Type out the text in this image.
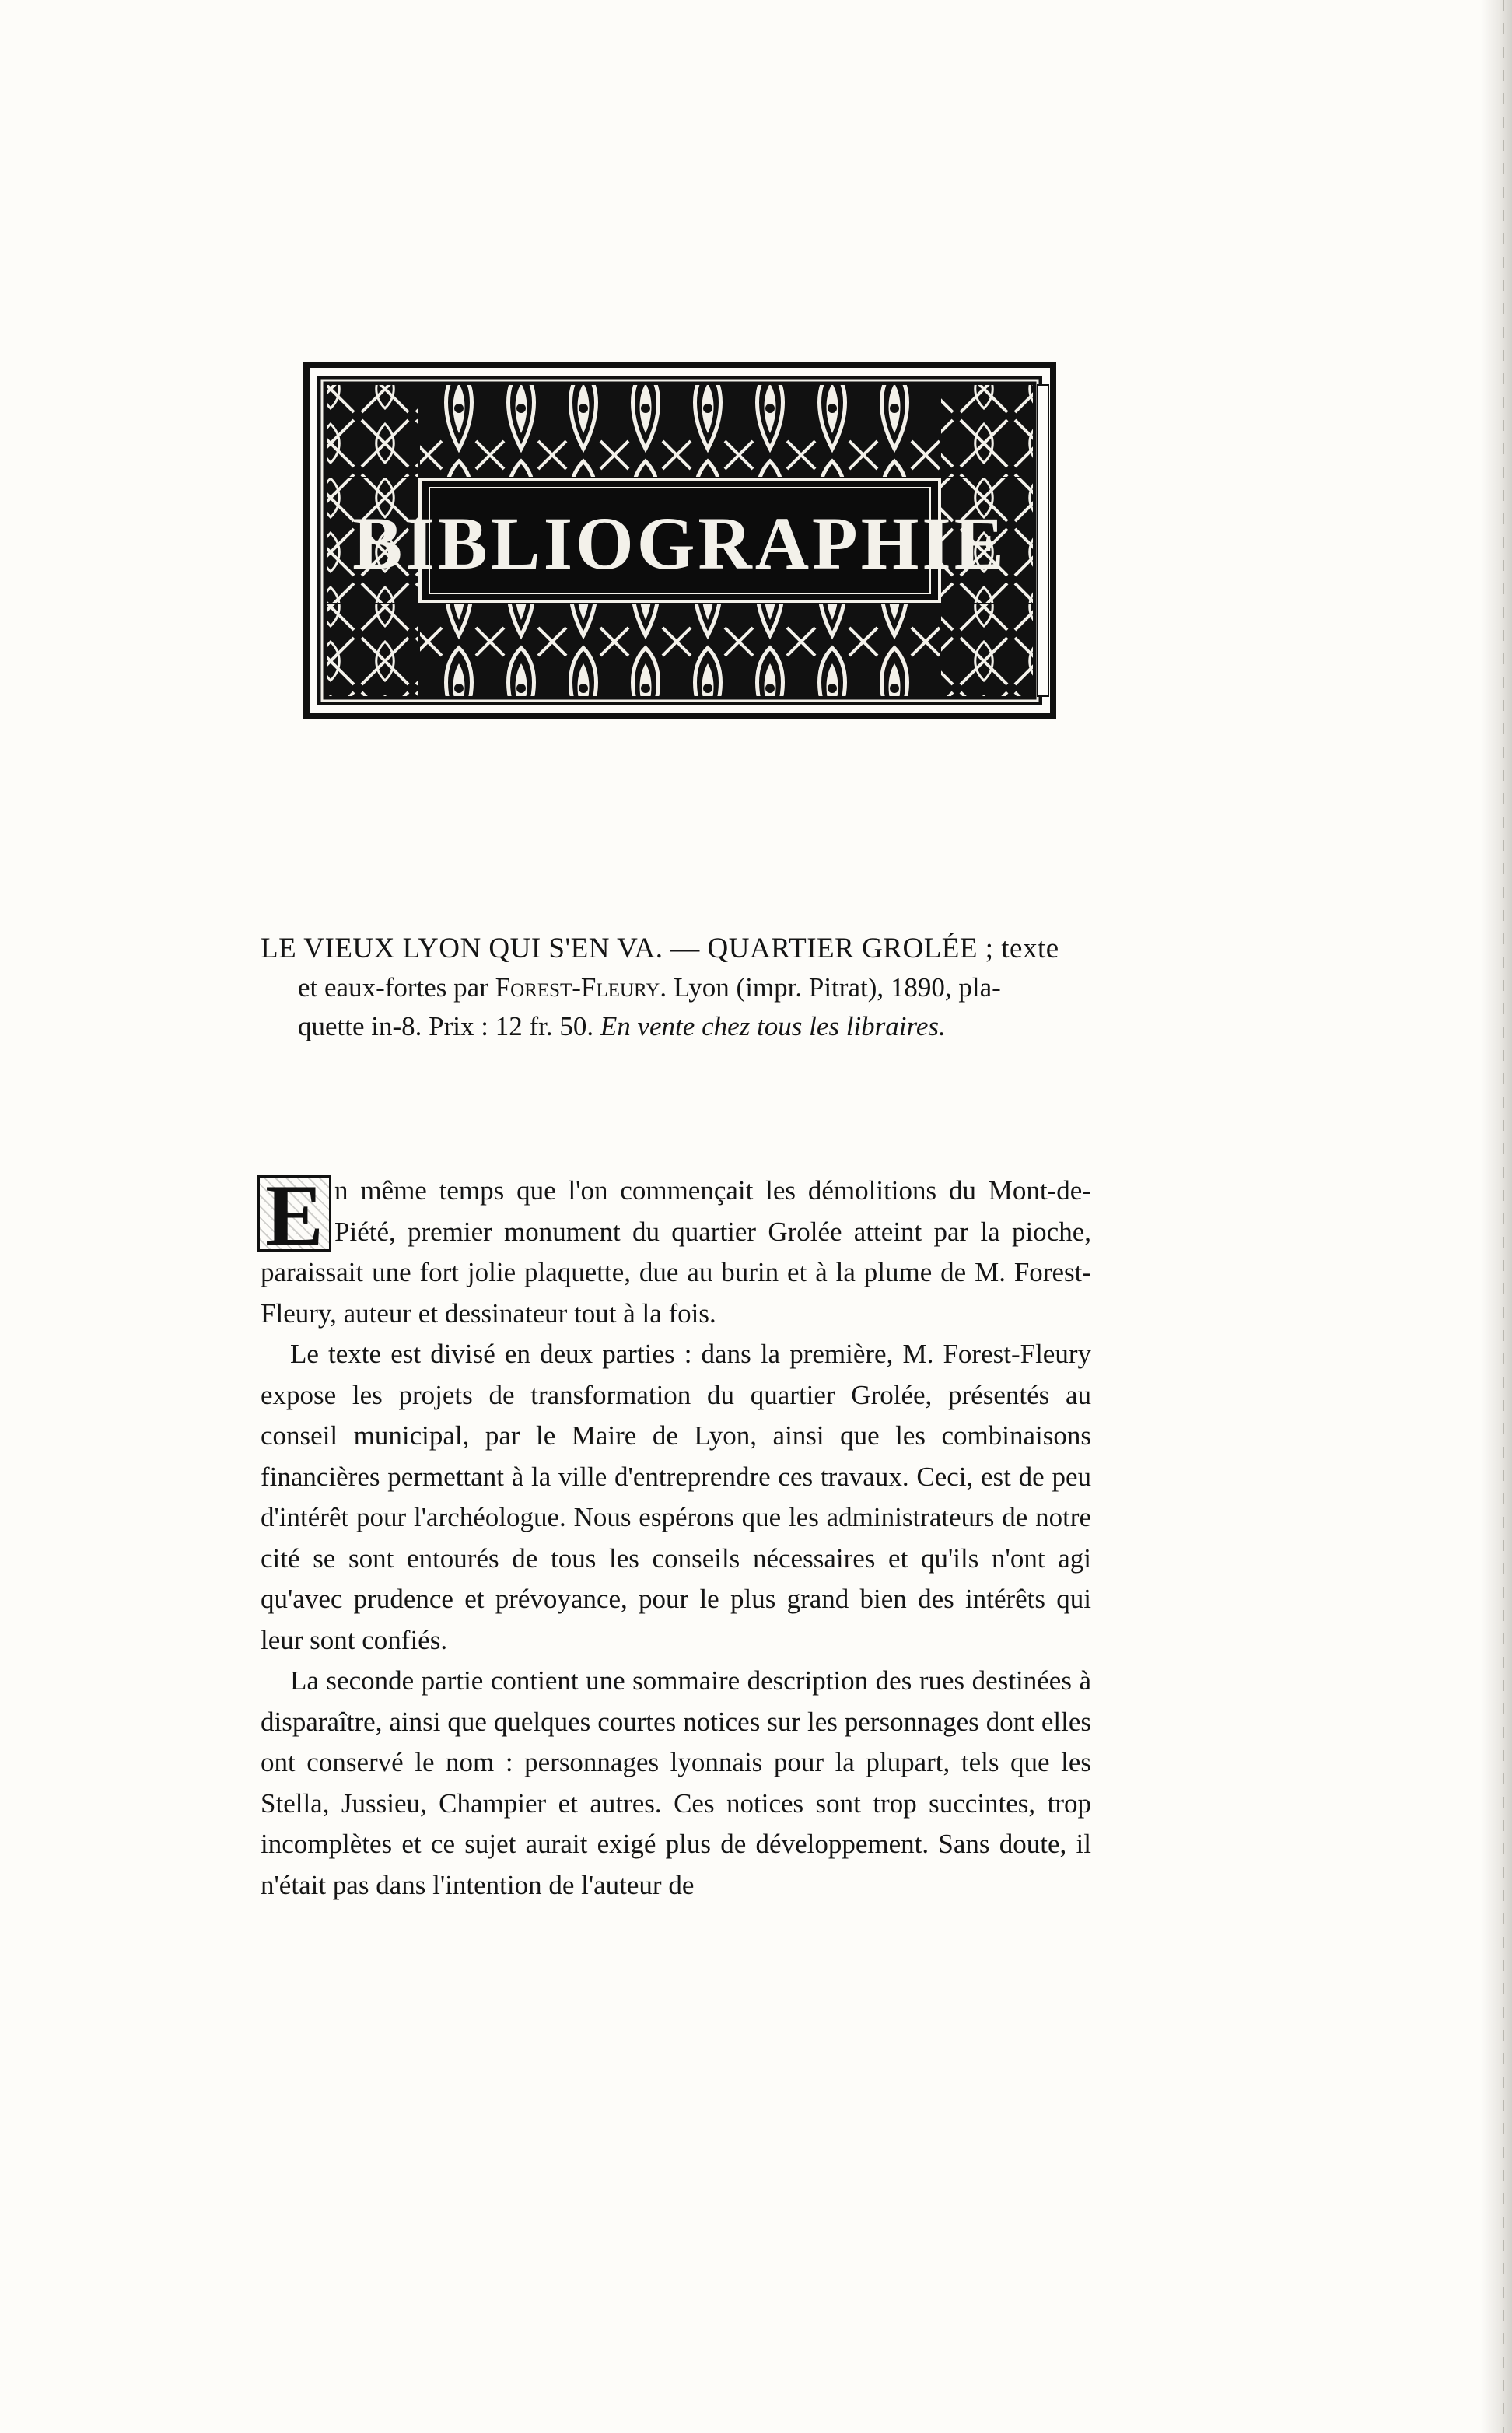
BIBLIOGRAPHIE
LE VIEUX LYON QUI S'EN VA. — QUARTIER GROLÉE ; texte
et eaux-fortes par Forest-Fleury. Lyon (impr. Pitrat), 1890, pla-
quette in-8. Prix : 12 fr. 50. En vente chez tous les libraires.

E n même temps que l'on commençait les démolitions du Mont-de-Piété, premier monument du quartier Grolée atteint par la pioche, paraissait une fort jolie plaquette, due au burin et à la plume de M. Forest-Fleury, auteur et dessinateur tout à la fois.

Le texte est divisé en deux parties : dans la première, M. Forest-Fleury expose les projets de transformation du quartier Grolée, présentés au conseil municipal, par le Maire de Lyon, ainsi que les combinaisons financières permettant à la ville d'entreprendre ces travaux. Ceci, est de peu d'intérêt pour l'archéologue. Nous espérons que les administrateurs de notre cité se sont entourés de tous les conseils nécessaires et qu'ils n'ont agi qu'avec prudence et prévoyance, pour le plus grand bien des intérêts qui leur sont confiés.

La seconde partie contient une sommaire description des rues destinées à disparaître, ainsi que quelques courtes notices sur les personnages dont elles ont conservé le nom : personnages lyonnais pour la plupart, tels que les Stella, Jussieu, Champier et autres. Ces notices sont trop succintes, trop incomplètes et ce sujet aurait exigé plus de développement. Sans doute, il n'était pas dans l'intention de l'auteur de
